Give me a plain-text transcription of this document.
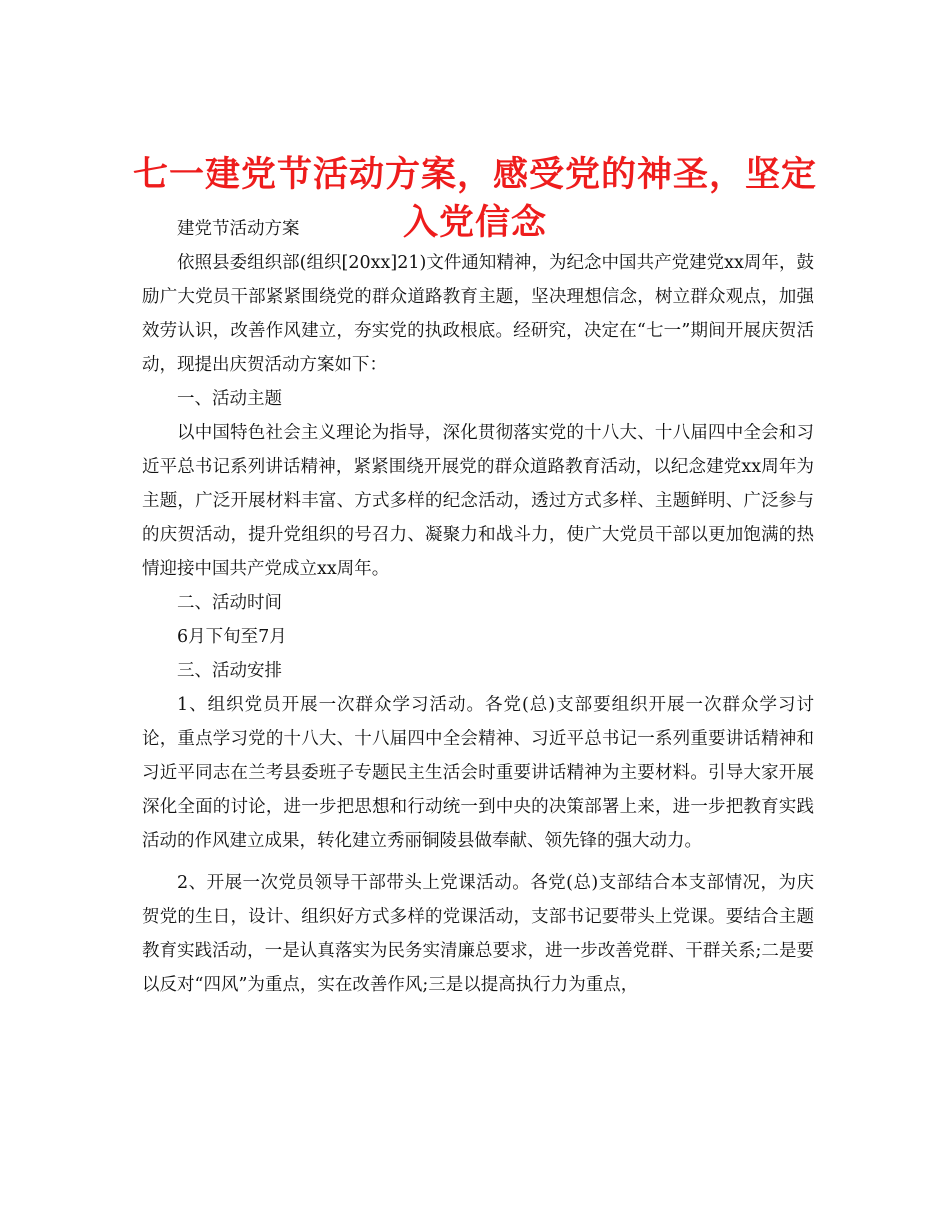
七一建党节活动方案，感受党的神圣，坚定入党信念

建党节活动方案

依照县委组织部(组织[20xx]21)文件通知精神，为纪念中国共产党建党xx周年，鼓励广大党员干部紧紧围绕党的群众道路教育主题，坚决理想信念，树立群众观点，加强效劳认识，改善作风建立，夯实党的执政根底。经研究，决定在“七一”期间开展庆贺活动，现提出庆贺活动方案如下：

一、活动主题

以中国特色社会主义理论为指导，深化贯彻落实党的十八大、十八届四中全会和习近平总书记系列讲话精神，紧紧围绕开展党的群众道路教育活动，以纪念建党xx周年为主题，广泛开展材料丰富、方式多样的纪念活动，透过方式多样、主题鲜明、广泛参与的庆贺活动，提升党组织的号召力、凝聚力和战斗力，使广大党员干部以更加饱满的热情迎接中国共产党成立xx周年。

二、活动时间

6月下旬至7月

三、活动安排

1、组织党员开展一次群众学习活动。各党(总)支部要组织开展一次群众学习讨论，重点学习党的十八大、十八届四中全会精神、习近平总书记一系列重要讲话精神和习近平同志在兰考县委班子专题民主生活会时重要讲话精神为主要材料。引导大家开展深化全面的讨论，进一步把思想和行动统一到中央的决策部署上来，进一步把教育实践活动的作风建立成果，转化建立秀丽铜陵县做奉献、领先锋的强大动力。

2、开展一次党员领导干部带头上党课活动。各党(总)支部结合本支部情况，为庆贺党的生日，设计、组织好方式多样的党课活动，支部书记要带头上党课。要结合主题教育实践活动，一是认真落实为民务实清廉总要求，进一步改善党群、干群关系;二是要以反对“四风”为重点，实在改善作风;三是以提高执行力为重点，
